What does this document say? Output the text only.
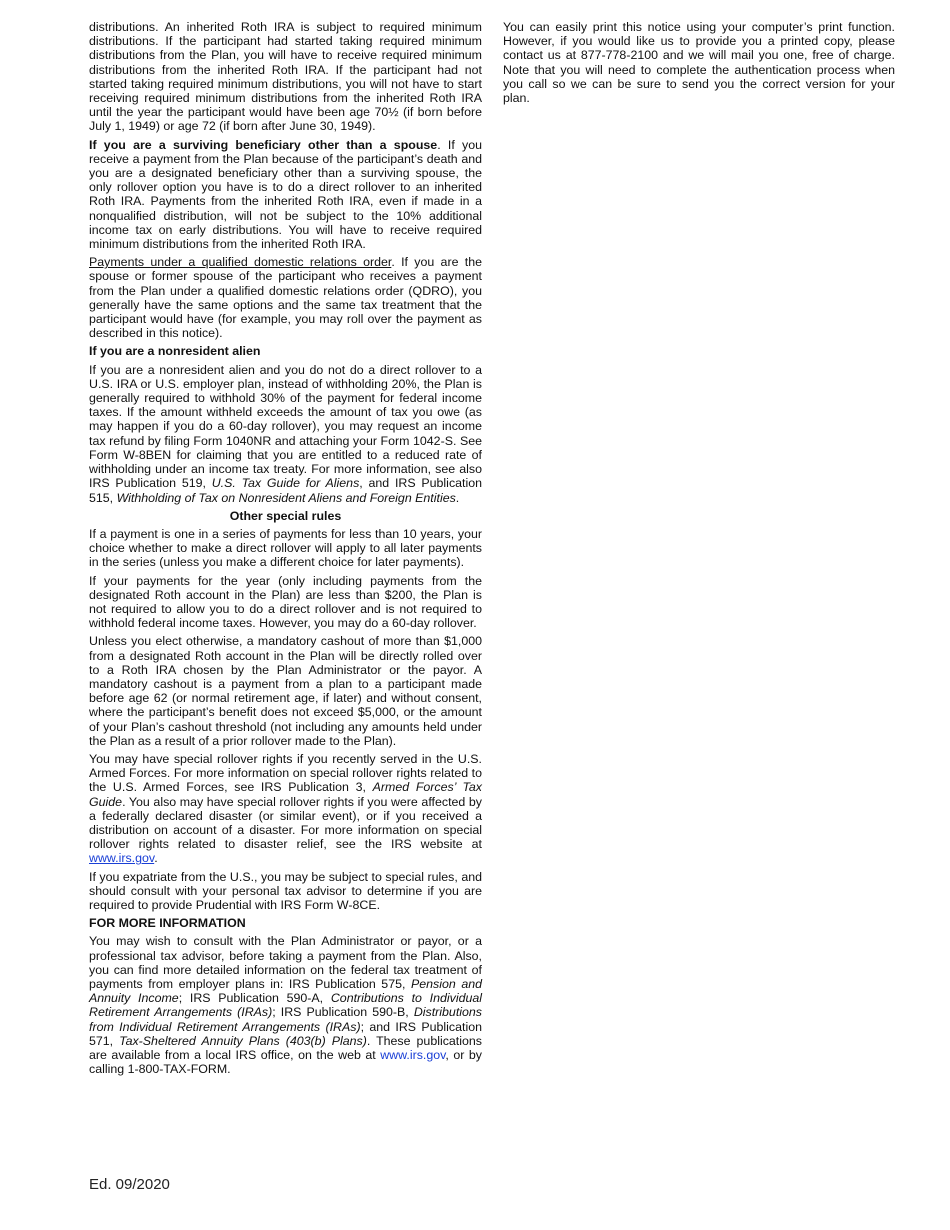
distributions. An inherited Roth IRA is subject to required minimum distributions. If the participant had started taking required minimum distributions from the Plan, you will have to receive required minimum distributions from the inherited Roth IRA. If the participant had not started taking required minimum distributions, you will not have to start receiving required minimum distributions from the inherited Roth IRA until the year the participant would have been age 70½ (if born before July 1, 1949) or age 72 (if born after June 30, 1949).

If you are a surviving beneficiary other than a spouse. If you receive a payment from the Plan because of the participant’s death and you are a designated beneficiary other than a surviving spouse, the only rollover option you have is to do a direct rollover to an inherited Roth IRA. Payments from the inherited Roth IRA, even if made in a nonqualified distribution, will not be subject to the 10% additional income tax on early distributions. You will have to receive required minimum distributions from the inherited Roth IRA.

Payments under a qualified domestic relations order. If you are the spouse or former spouse of the participant who receives a payment from the Plan under a qualified domestic relations order (QDRO), you generally have the same options and the same tax treatment that the participant would have (for example, you may roll over the payment as described in this notice).

If you are a nonresident alien

If you are a nonresident alien and you do not do a direct rollover to a U.S. IRA or U.S. employer plan, instead of withholding 20%, the Plan is generally required to withhold 30% of the payment for federal income taxes. If the amount withheld exceeds the amount of tax you owe (as may happen if you do a 60-day rollover), you may request an income tax refund by filing Form 1040NR and attaching your Form 1042-S. See Form W-8BEN for claiming that you are entitled to a reduced rate of withholding under an income tax treaty. For more information, see also IRS Publication 519, U.S. Tax Guide for Aliens, and IRS Publication 515, Withholding of Tax on Nonresident Aliens and Foreign Entities.

Other special rules

If a payment is one in a series of payments for less than 10 years, your choice whether to make a direct rollover will apply to all later payments in the series (unless you make a different choice for later payments).

If your payments for the year (only including payments from the designated Roth account in the Plan) are less than $200, the Plan is not required to allow you to do a direct rollover and is not required to withhold federal income taxes. However, you may do a 60-day rollover.

Unless you elect otherwise, a mandatory cashout of more than $1,000 from a designated Roth account in the Plan will be directly rolled over to a Roth IRA chosen by the Plan Administrator or the payor. A mandatory cashout is a payment from a plan to a participant made before age 62 (or normal retirement age, if later) and without consent, where the participant’s benefit does not exceed $5,000, or the amount of your Plan’s cashout threshold (not including any amounts held under the Plan as a result of a prior rollover made to the Plan).

You may have special rollover rights if you recently served in the U.S. Armed Forces. For more information on special rollover rights related to the U.S. Armed Forces, see IRS Publication 3, Armed Forces’ Tax Guide. You also may have special rollover rights if you were affected by a federally declared disaster (or similar event), or if you received a distribution on account of a disaster. For more information on special rollover rights related to disaster relief, see the IRS website at www.irs.gov.

If you expatriate from the U.S., you may be subject to special rules, and should consult with your personal tax advisor to determine if you are required to provide Prudential with IRS Form W-8CE.

FOR MORE INFORMATION

You may wish to consult with the Plan Administrator or payor, or a professional tax advisor, before taking a payment from the Plan. Also, you can find more detailed information on the federal tax treatment of payments from employer plans in: IRS Publication 575, Pension and Annuity Income; IRS Publication 590-A, Contributions to Individual Retirement Arrangements (IRAs); IRS Publication 590-B, Distributions from Individual Retirement Arrangements (IRAs); and IRS Publication 571, Tax-Sheltered Annuity Plans (403(b) Plans). These publications are available from a local IRS office, on the web at www.irs.gov, or by calling 1-800-TAX-FORM.

You can easily print this notice using your computer’s print function. However, if you would like us to provide you a printed copy, please contact us at 877-778-2100 and we will mail you one, free of charge. Note that you will need to complete the authentication process when you call so we can be sure to send you the correct version for your plan.

Ed. 09/2020
